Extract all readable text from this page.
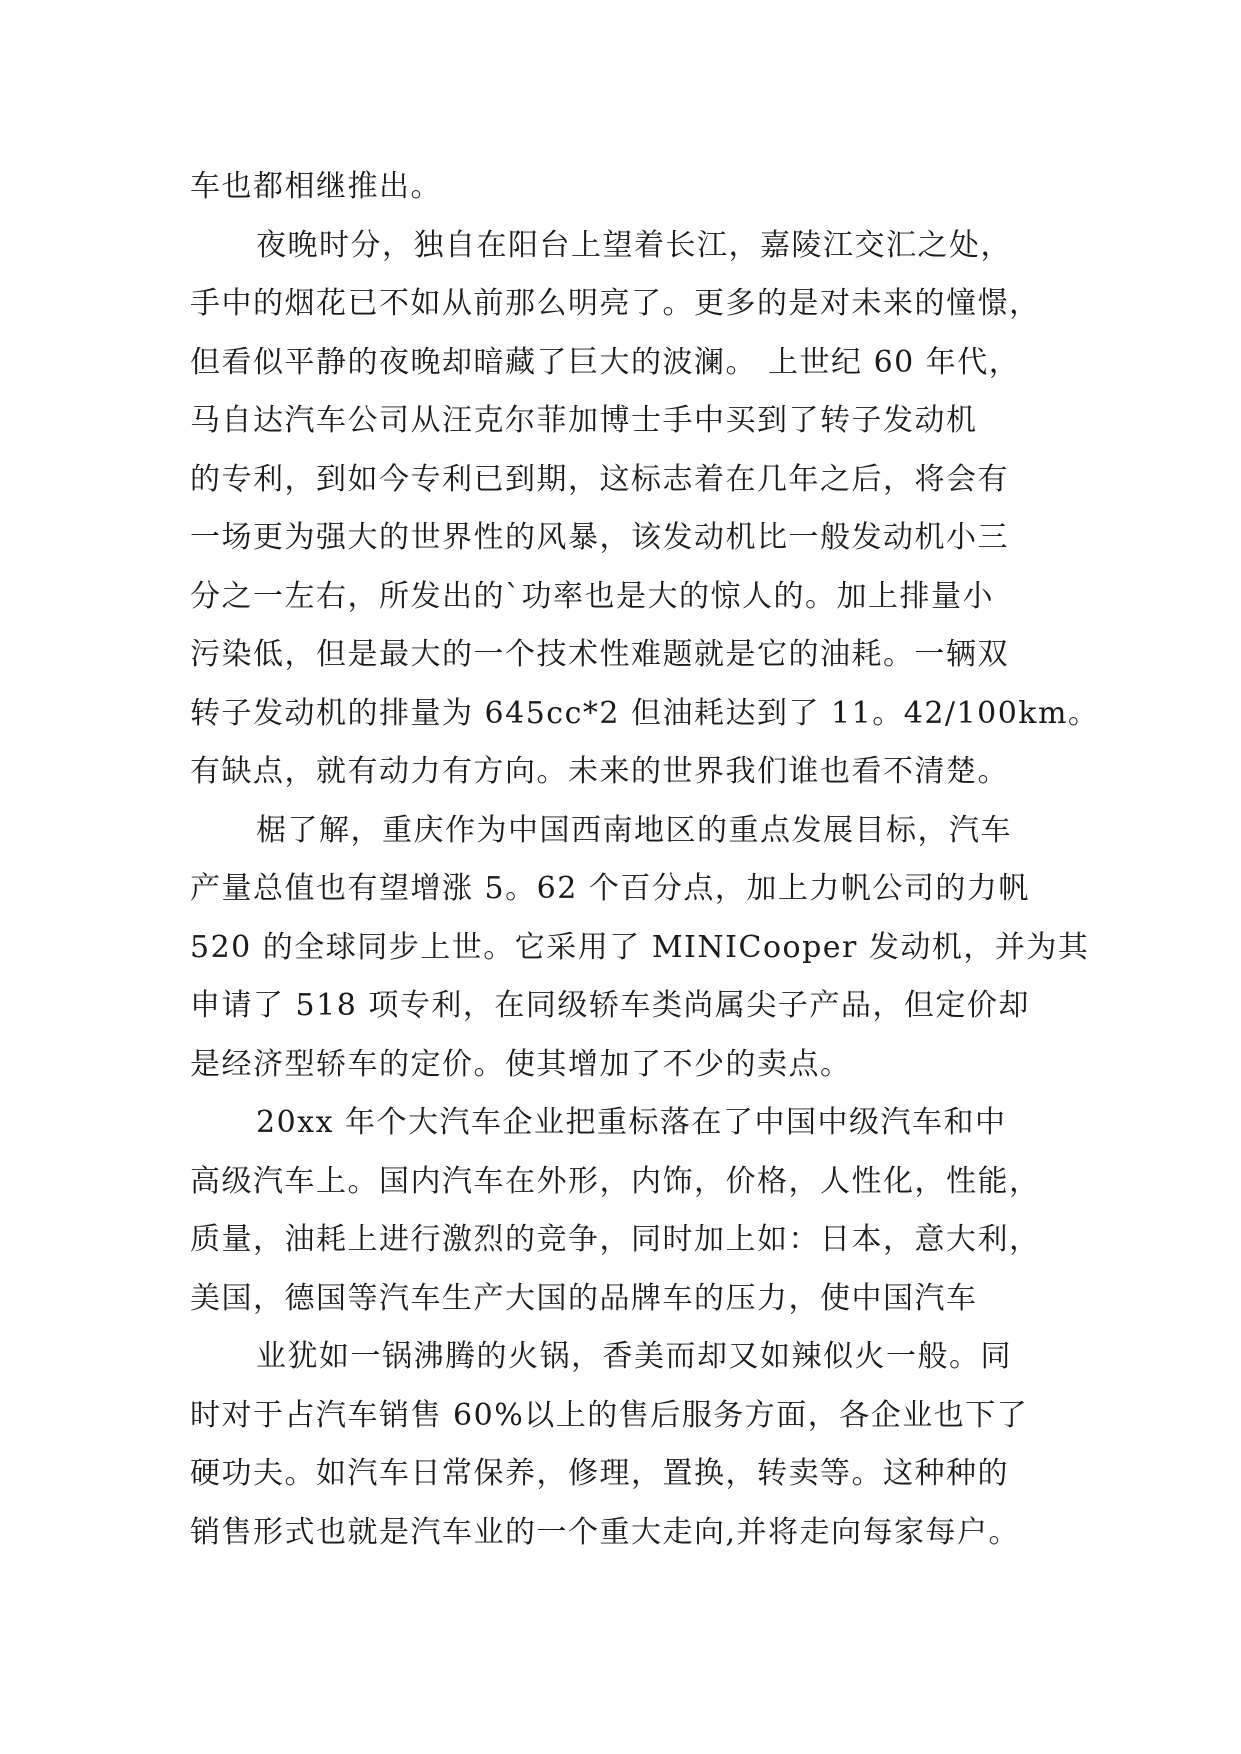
车也都相继推出。
夜晚时分，独自在阳台上望着长江，嘉陵江交汇之处，
手中的烟花已不如从前那么明亮了。更多的是对未来的憧憬，
但看似平静的夜晚却暗藏了巨大的波澜。 上世纪 60 年代，
马自达汽车公司从汪克尔菲加博士手中买到了转子发动机
的专利，到如今专利已到期，这标志着在几年之后，将会有
一场更为强大的世界性的风暴，该发动机比一般发动机小三
分之一左右，所发出的`功率也是大的惊人的。加上排量小
污染低，但是最大的一个技术性难题就是它的油耗。一辆双
转子发动机的排量为 645cc*2 但油耗达到了 11。42/100km。
有缺点，就有动力有方向。未来的世界我们谁也看不清楚。
椐了解，重庆作为中国西南地区的重点发展目标，汽车
产量总值也有望增涨 5。62 个百分点，加上力帆公司的力帆
520 的全球同步上世。它采用了 MINICooper 发动机，并为其
申请了 518 项专利，在同级轿车类尚属尖子产品，但定价却
是经济型轿车的定价。使其增加了不少的卖点。
20xx 年个大汽车企业把重标落在了中国中级汽车和中
高级汽车上。国内汽车在外形，内饰，价格，人性化，性能，
质量，油耗上进行激烈的竞争，同时加上如：日本，意大利，
美国，德国等汽车生产大国的品牌车的压力，使中国汽车
业犹如一锅沸腾的火锅，香美而却又如辣似火一般。同
时对于占汽车销售 60%以上的售后服务方面，各企业也下了
硬功夫。如汽车日常保养，修理，置换，转卖等。这种种的
销售形式也就是汽车业的一个重大走向,并将走向每家每户。
